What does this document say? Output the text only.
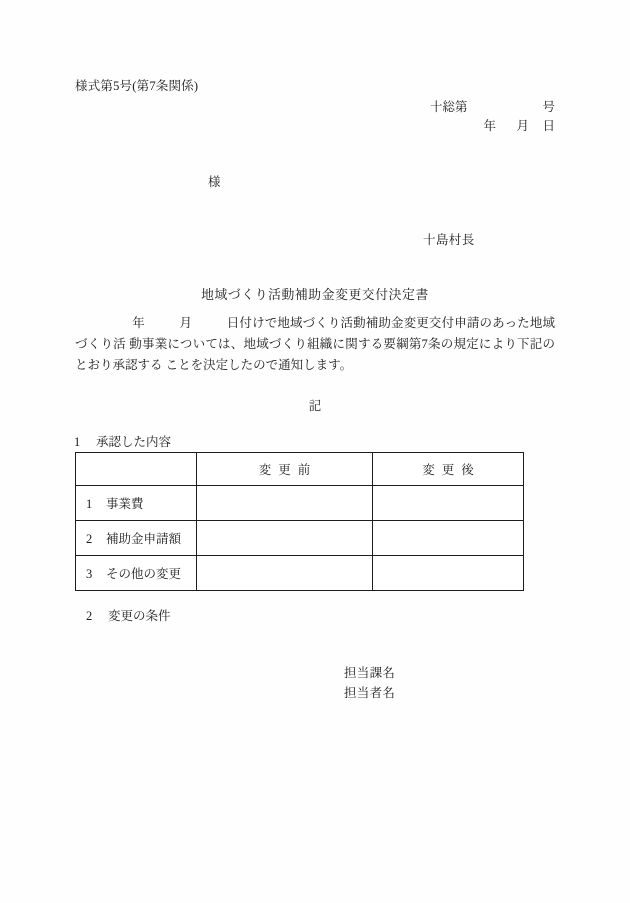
様式第5号(第7条関係)
十総第	号
年	月	日
様
十島村長
地域づくり活動補助金変更交付決定書
年	月	日付けで地域づくり活動補助金変更交付申請のあった地域づくり活 動事業については、地域づくり組織に関する要綱第7条の規定により下記のとおり承認する ことを決定したので通知します。
記
1 承認した内容
	変更前	変更後
1 事業費		
2 補助金申請額		
3 その他の変更		
2 変更の条件
担当課名
担当者名
